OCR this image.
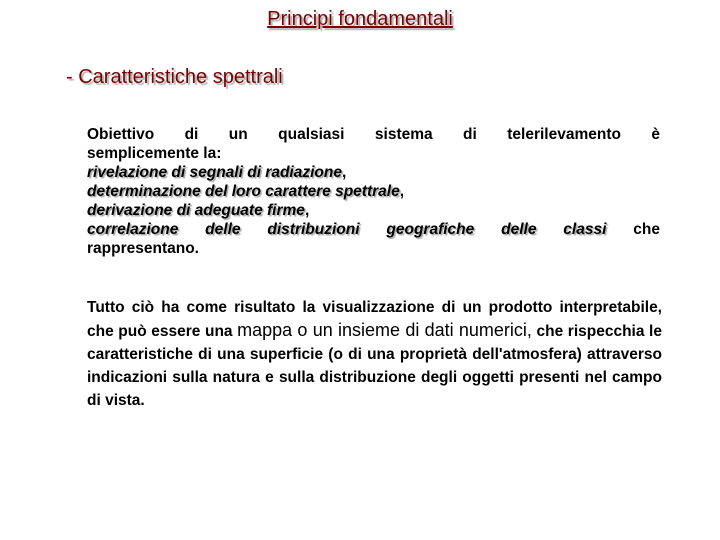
Principi fondamentali
- Caratteristiche spettrali
Obiettivo di un qualsiasi sistema di telerilevamento è
semplicemente la:
rivelazione di segnali di radiazione,
determinazione del loro carattere spettrale,
derivazione di adeguate firme,
correlazione delle distribuzioni geografiche delle classi che
rappresentano.
Tutto ciò ha come risultato la visualizzazione di un prodotto interpretabile, che può essere una mappa o un insieme di dati numerici, che rispecchia le caratteristiche di una superficie (o di una proprietà dell'atmosfera) attraverso indicazioni sulla natura e sulla distribuzione degli oggetti presenti nel campo di vista.
